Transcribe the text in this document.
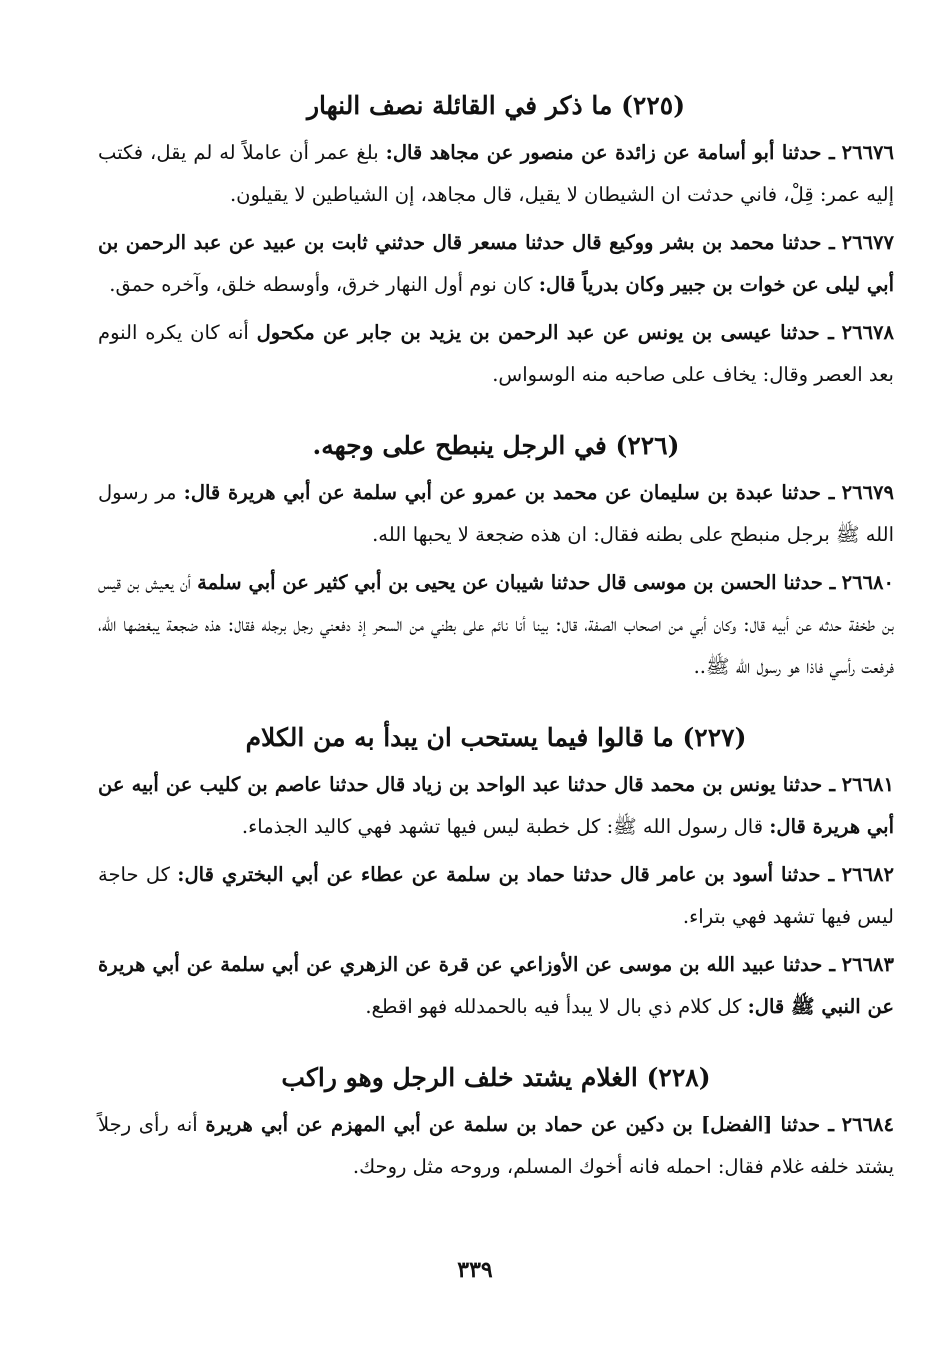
(٢٢٥) ما ذكر في القائلة نصف النهار

٢٦٦٧٦ ـ حدثنا أبو أسامة عن زائدة عن منصور عن مجاهد قال: بلغ عمر أن عاملاً له لم يقل، فكتب إليه عمر: قِلْ، فاني حدثت ان الشيطان لا يقيل، قال مجاهد، إن الشياطين لا يقيلون.

٢٦٦٧٧ ـ حدثنا محمد بن بشر ووكيع قال حدثنا مسعر قال حدثني ثابت بن عبيد عن عبد الرحمن بن أبي ليلى عن خوات بن جبير وكان بدرياً قال: كان نوم أول النهار خرق، وأوسطه خلق، وآخره حمق.

٢٦٦٧٨ ـ حدثنا عيسى بن يونس عن عبد الرحمن بن يزيد بن جابر عن مكحول أنه كان يكره النوم بعد العصر وقال: يخاف على صاحبه منه الوسواس.

(٢٢٦) في الرجل ينبطح على وجهه.

٢٦٦٧٩ ـ حدثنا عبدة بن سليمان عن محمد بن عمرو عن أبي سلمة عن أبي هريرة قال: مر رسول الله ﷺ برجل منبطح على بطنه فقال: ان هذه ضجعة لا يحبها الله.

٢٦٦٨٠ ـ حدثنا الحسن بن موسى قال حدثنا شيبان عن يحيى بن أبي كثير عن أبي سلمة أن يعيش بن قيس بن طخفة حدثه عن أبيه قال: وكان أبي من اصحاب الصفة، قال: بينا أنا نائم على بطني من السحر إذ دفعني رجل برجله فقال: هذه ضجعة يبغضها الله، فرفعت رأسي فاذا هو رسول الله ﷺ..

(٢٢٧) ما قالوا فيما يستحب ان يبدأ به من الكلام

٢٦٦٨١ ـ حدثنا يونس بن محمد قال حدثنا عبد الواحد بن زياد قال حدثنا عاصم بن كليب عن أبيه عن أبي هريرة قال: قال رسول الله ﷺ: كل خطبة ليس فيها تشهد فهي كاليد الجذماء.

٢٦٦٨٢ ـ حدثنا أسود بن عامر قال حدثنا حماد بن سلمة عن عطاء عن أبي البختري قال: كل حاجة ليس فيها تشهد فهي بتراء.

٢٦٦٨٣ ـ حدثنا عبيد الله بن موسى عن الأوزاعي عن قرة عن الزهري عن أبي سلمة عن أبي هريرة عن النبي ﷺ قال: كل كلام ذي بال لا يبدأ فيه بالحمدلله فهو اقطع.

(٢٢٨) الغلام يشتد خلف الرجل وهو راكب

٢٦٦٨٤ ـ حدثنا [الفضل] بن دكين عن حماد بن سلمة عن أبي المهزم عن أبي هريرة أنه رأى رجلاً يشتد خلفه غلام فقال: احمله فانه أخوك المسلم، وروحه مثل روحك.

٣٣٩
